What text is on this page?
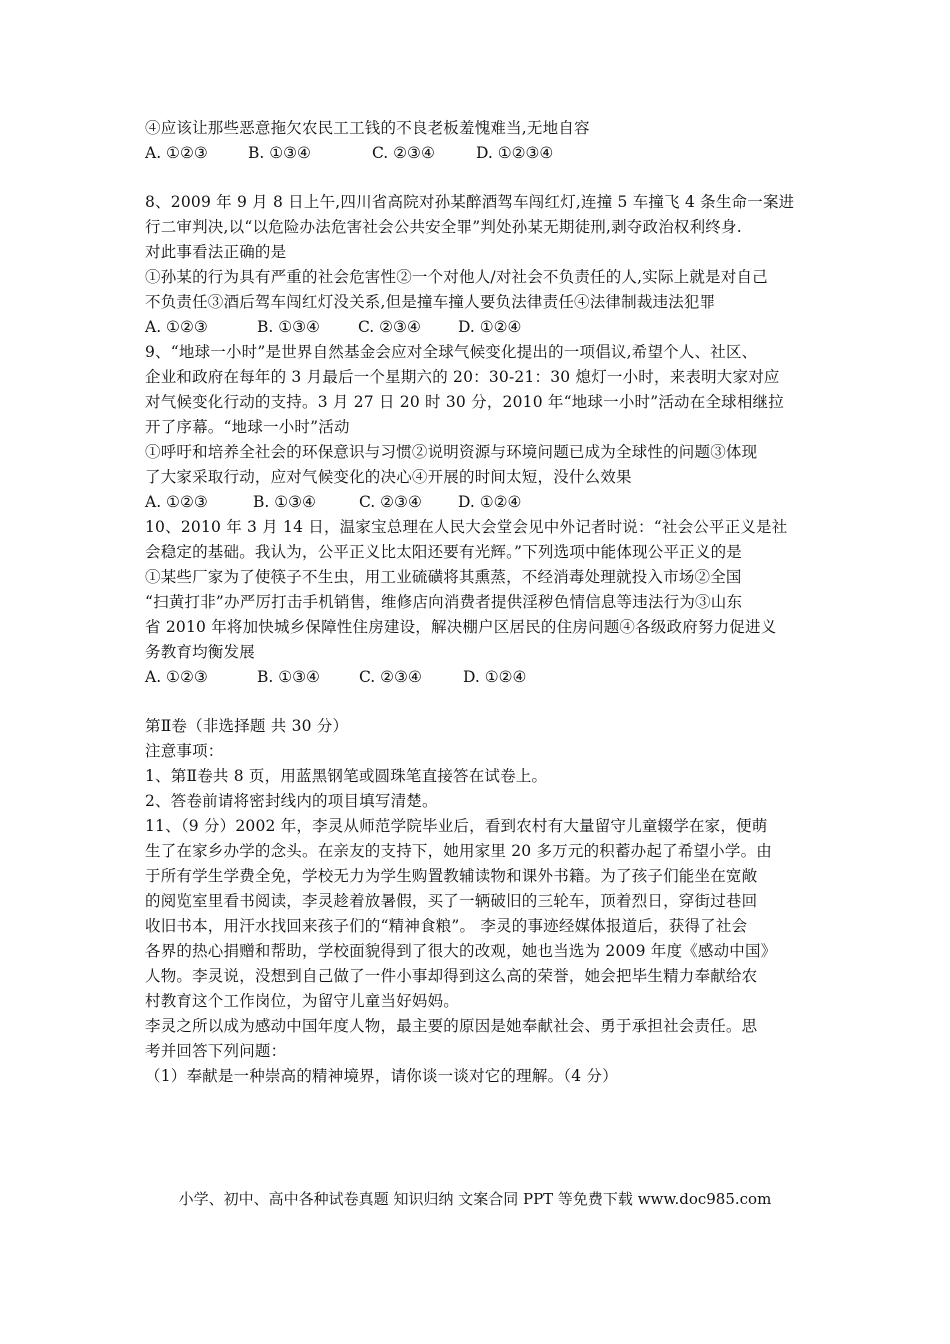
④应该让那些恶意拖欠农民工工钱的不良老板羞愧难当,无地自容
A. ①②③	B. ①③④	C. ②③④	D. ①②③④
8、2009 年 9 月 8 日上午,四川省高院对孙某醉酒驾车闯红灯,连撞 5 车撞飞 4 条生命一案进
行二审判决,以“以危险办法危害社会公共安全罪”判处孙某无期徒刑,剥夺政治权利终身.
对此事看法正确的是
①孙某的行为具有严重的社会危害性②一个对他人/对社会不负责任的人,实际上就是对自己
不负责任③酒后驾车闯红灯没关系,但是撞车撞人要负法律责任④法律制裁违法犯罪
A. ①②③	B. ①③④ C. ②③④ D. ①②④
9、“地球一小时”是世界自然基金会应对全球气候变化提出的一项倡议,希望个人、社区、
企业和政府在每年的 3 月最后一个星期六的 20：30-21：30 熄灯一小时，来表明大家对应
对气候变化行动的支持。3 月 27 日 20 时 30 分，2010 年“地球一小时”活动在全球相继拉
开了序幕。“地球一小时”活动
①呼吁和培养全社会的环保意识与习惯②说明资源与环境问题已成为全球性的问题③体现
了大家采取行动，应对气候变化的决心④开展的时间太短，没什么效果
A. ①②③	B. ①③④	C. ②③④ D. ①②④
10、2010 年 3 月 14 日，温家宝总理在人民大会堂会见中外记者时说：“社会公平正义是社
会稳定的基础。我认为，公平正义比太阳还要有光辉。”下列选项中能体现公平正义的是
①某些厂家为了使筷子不生虫，用工业硫磺将其熏蒸，不经消毒处理就投入市场②全国
“扫黄打非”办严厉打击手机销售，维修店向消费者提供淫秽色情信息等违法行为③山东
省 2010 年将加快城乡保障性住房建设，解决棚户区居民的住房问题④各级政府努力促进义
务教育均衡发展
A. ①②③	B. ①③④	C. ②③④	D. ①②④
第Ⅱ卷（非选择题 共 30 分）
注意事项：
1、第Ⅱ卷共 8 页，用蓝黑钢笔或圆珠笔直接答在试卷上。
2、答卷前请将密封线内的项目填写清楚。
11、（9 分）2002 年，李灵从师范学院毕业后，看到农村有大量留守儿童辍学在家，便萌
生了在家乡办学的念头。在亲友的支持下，她用家里 20 多万元的积蓄办起了希望小学。由
于所有学生学费全免，学校无力为学生购置教辅读物和课外书籍。为了孩子们能坐在宽敞
的阅览室里看书阅读，李灵趁着放暑假，买了一辆破旧的三轮车，顶着烈日，穿街过巷回
收旧书本，用汗水找回来孩子们的“精神食粮”。 李灵的事迹经媒体报道后，获得了社会
各界的热心捐赠和帮助，学校面貌得到了很大的改观，她也当选为 2009 年度《感动中国》
人物。李灵说，没想到自己做了一件小事却得到这么高的荣誉，她会把毕生精力奉献给农
村教育这个工作岗位，为留守儿童当好妈妈。
李灵之所以成为感动中国年度人物，最主要的原因是她奉献社会、勇于承担社会责任。思
考并回答下列问题：
（1）奉献是一种崇高的精神境界，请你谈一谈对它的理解。（4 分）
小学、初中、高中各种试卷真题 知识归纳 文案合同 PPT 等免费下载 www.doc985.com
